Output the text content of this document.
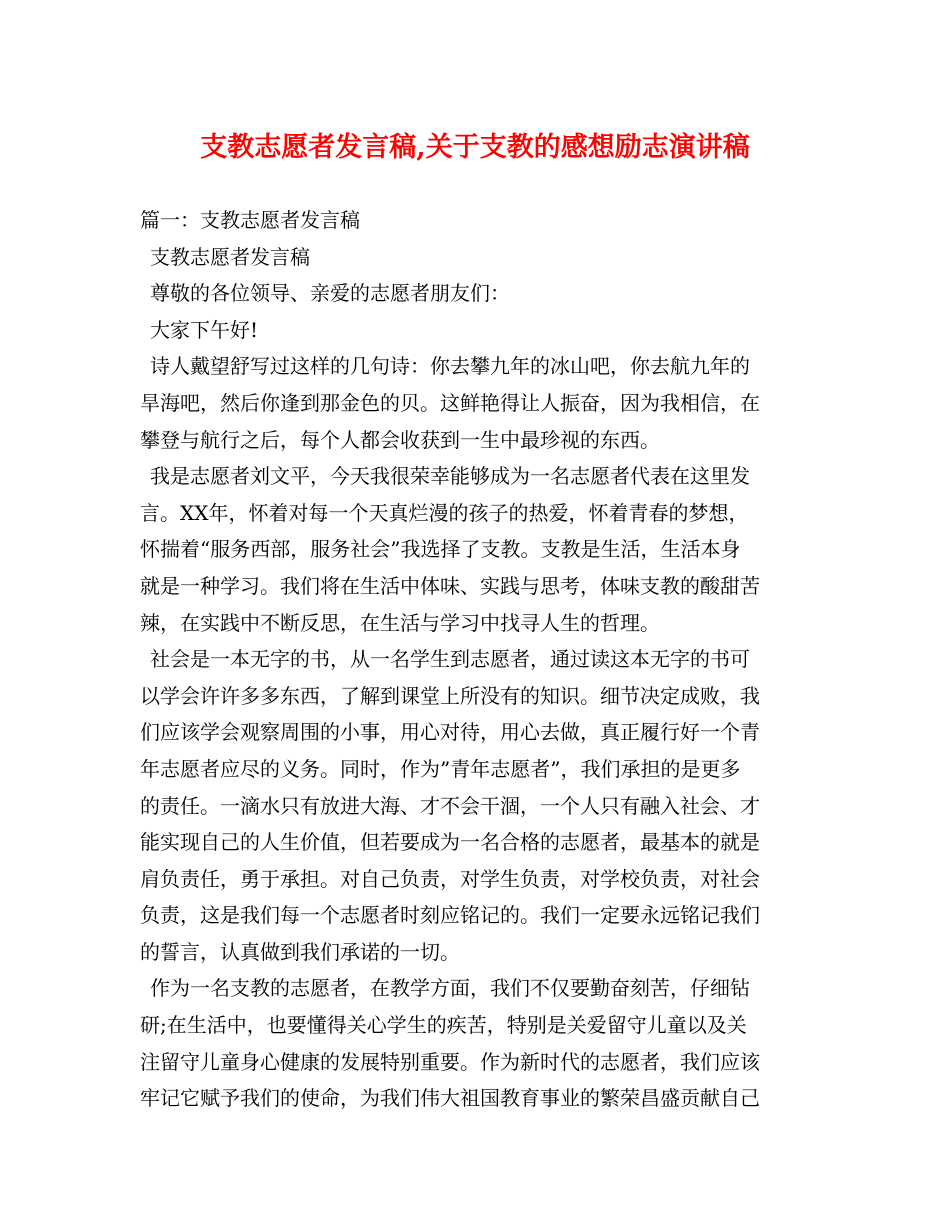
支教志愿者发言稿,关于支教的感想励志演讲稿
篇一：支教志愿者发言稿
支教志愿者发言稿
尊敬的各位领导、亲爱的志愿者朋友们：
大家下午好!
诗人戴望舒写过这样的几句诗：你去攀九年的冰山吧，你去航九年的
旱海吧，然后你逢到那金色的贝。这鲜艳得让人振奋，因为我相信，在
攀登与航行之后，每个人都会收获到一生中最珍视的东西。
我是志愿者刘文平，今天我很荣幸能够成为一名志愿者代表在这里发
言。XX年，怀着对每一个天真烂漫的孩子的热爱，怀着青春的梦想，
怀揣着“服务西部，服务社会”我选择了支教。支教是生活，生活本身
就是一种学习。我们将在生活中体味、实践与思考，体味支教的酸甜苦
辣，在实践中不断反思，在生活与学习中找寻人生的哲理。
社会是一本无字的书，从一名学生到志愿者，通过读这本无字的书可
以学会许许多多东西，了解到课堂上所没有的知识。细节决定成败，我
们应该学会观察周围的小事，用心对待，用心去做，真正履行好一个青
年志愿者应尽的义务。同时，作为”青年志愿者”，我们承担的是更多
的责任。一滴水只有放进大海、才不会干涸，一个人只有融入社会、才
能实现自己的人生价值，但若要成为一名合格的志愿者，最基本的就是
肩负责任，勇于承担。对自己负责，对学生负责，对学校负责，对社会
负责，这是我们每一个志愿者时刻应铭记的。我们一定要永远铭记我们
的誓言，认真做到我们承诺的一切。
作为一名支教的志愿者，在教学方面，我们不仅要勤奋刻苦，仔细钻
研;在生活中，也要懂得关心学生的疾苦，特别是关爱留守儿童以及关
注留守儿童身心健康的发展特别重要。作为新时代的志愿者，我们应该
牢记它赋予我们的使命，为我们伟大祖国教育事业的繁荣昌盛贡献自己
